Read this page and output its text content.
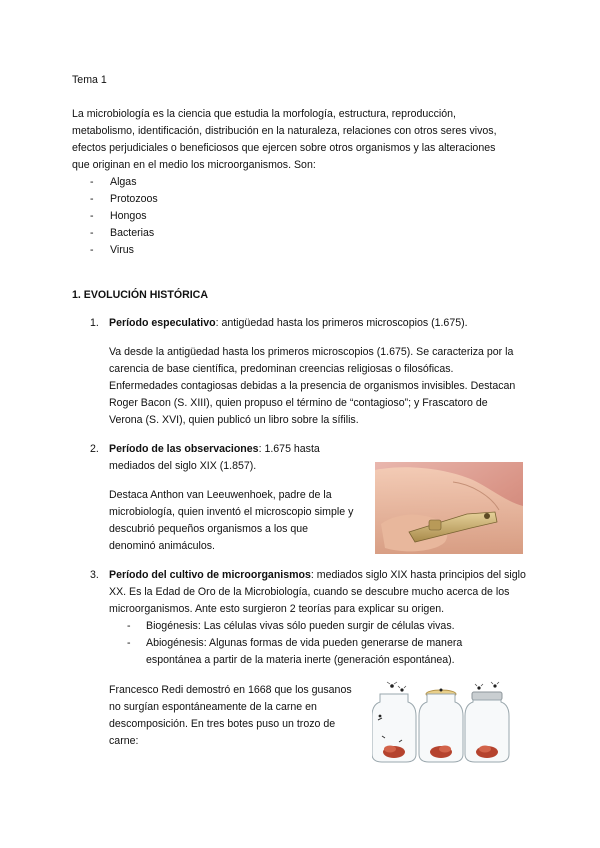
Tema 1
La microbiología es la ciencia que estudia la morfología, estructura, reproducción,
metabolismo, identificación, distribución en la naturaleza, relaciones con otros seres vivos,
efectos perjudiciales o beneficiosos que ejercen sobre otros organismos y las alteraciones
que originan en el medio los microorganismos. Son:
- Algas
- Protozoos
- Hongos
- Bacterias
- Virus
1. EVOLUCIÓN HISTÓRICA
1. Período especulativo: antigüedad hasta los primeros microscopios (1.675).
Va desde la antigüedad hasta los primeros microscopios (1.675). Se caracteriza por la
carencia de base científica, predominan creencias religiosas o filosóficas.
Enfermedades contagiosas debidas a la presencia de organismos invisibles. Destacan
Roger Bacon (S. XIII), quien propuso el término de “contagioso”; y Frascatoro de
Verona (S. XVI), quien publicó un libro sobre la sífilis.
2. Período de las observaciones: 1.675 hasta
mediados del siglo XIX (1.857).
Destaca Anthon van Leeuwenhoek, padre de la
microbiología, quien inventó el microscopio simple y
descubrió pequeños organismos a los que
denominó animáculos.
3. Período del cultivo de microorganismos: mediados siglo XIX hasta principios del siglo
XX. Es la Edad de Oro de la Microbiología, cuando se descubre mucho acerca de los
microorganismos. Ante esto surgieron 2 teorías para explicar su origen.
- Biogénesis: Las células vivas sólo pueden surgir de células vivas.
- Abiogénesis: Algunas formas de vida pueden generarse de manera
espontánea a partir de la materia inerte (generación espontánea).
Francesco Redi demostró en 1668 que los gusanos
no surgían espontáneamente de la carne en
descomposición. En tres botes puso un trozo de
carne:
